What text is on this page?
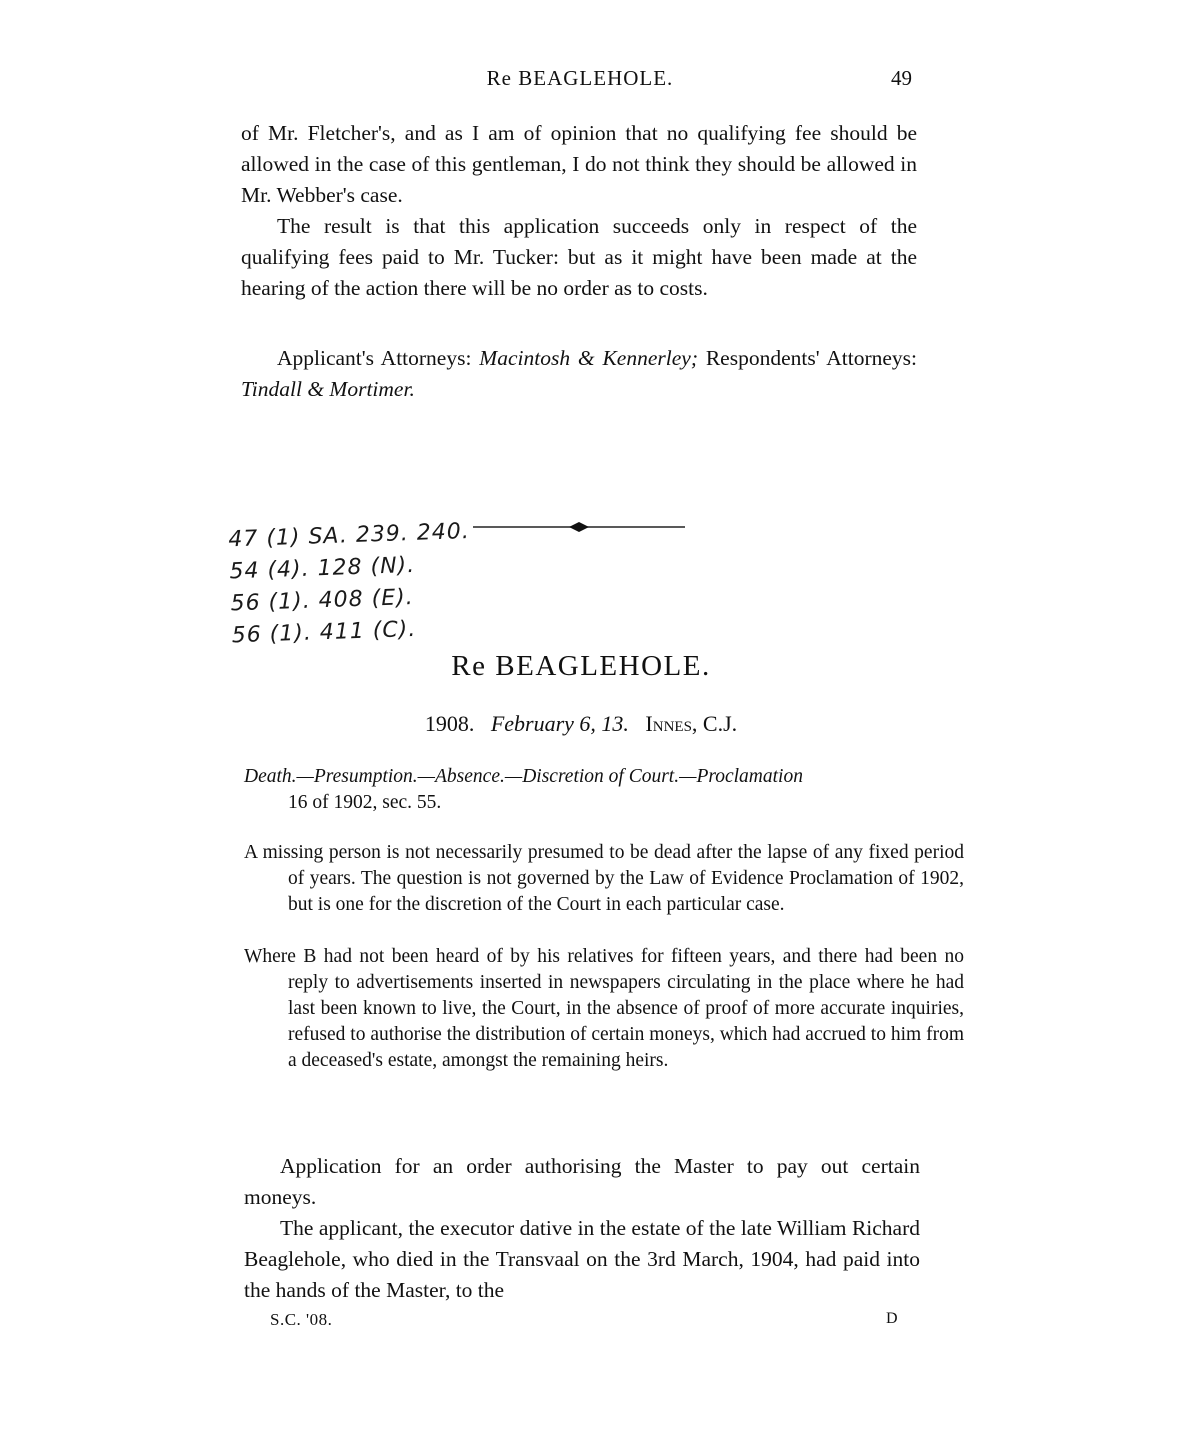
Re BEAGLEHOLE.	49

of Mr. Fletcher's, and as I am of opinion that no qualifying fee should be allowed in the case of this gentleman, I do not think they should be allowed in Mr. Webber's case.

The result is that this application succeeds only in respect of the qualifying fees paid to Mr. Tucker: but as it might have been made at the hearing of the action there will be no order as to costs.

Applicant's Attorneys: Macintosh & Kennerley; Respondents' Attorneys: Tindall & Mortimer.

47 (1) SA. 239. 240.
54 (4). 128 (N).
56 (1). 408 (E).
56 (1). 411 (C).
Re BEAGLEHOLE.
1908. February 6, 13. Innes, C.J.

Death.—Presumption.—Absence.—Discretion of Court.—Proclamation
16 of 1902, sec. 55.

A missing person is not necessarily presumed to be dead after the lapse of any fixed period of years. The question is not governed by the Law of Evidence Proclamation of 1902, but is one for the discretion of the Court in each particular case.

Where B had not been heard of by his relatives for fifteen years, and there had been no reply to advertisements inserted in newspapers circulating in the place where he had last been known to live, the Court, in the absence of proof of more accurate inquiries, refused to authorise the distribution of certain moneys, which had accrued to him from a deceased's estate, amongst the remaining heirs.

Application for an order authorising the Master to pay out certain moneys.

The applicant, the executor dative in the estate of the late William Richard Beaglehole, who died in the Transvaal on the 3rd March, 1904, had paid into the hands of the Master, to the

S.C. '08.	D
